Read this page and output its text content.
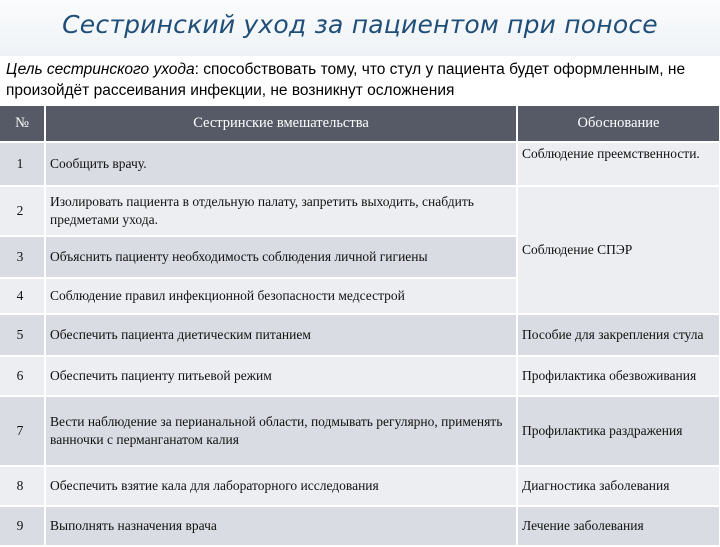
Сестринский уход за пациентом при поносе
Цель сестринского ухода: способствовать тому, что стул у пациента будет оформленным, не произойдёт рассеивания инфекции, не возникнут осложнения
№	Сестринские вмешательства	Обоснование
1	Сообщить врачу.	Соблюдение преемственности.
2	Изолировать пациента в отдельную палату, запретить выходить, снабдить предметами ухода.	Соблюдение СПЭР
3	Объяснить пациенту необходимость соблюдения личной гигиены	
4	Соблюдение правил инфекционной безопасности медсестрой	
5	Обеспечить пациента диетическим питанием	Пособие для закрепления стула
6	Обеспечить пациенту питьевой режим	Профилактика обезвоживания
7	Вести наблюдение за перианальной области, подмывать регулярно, применять ванночки с перманганатом калия	Профилактика раздражения
8	Обеспечить взятие кала для лабораторного исследования	Диагностика заболевания
9	Выполнять назначения врача	Лечение заболевания
